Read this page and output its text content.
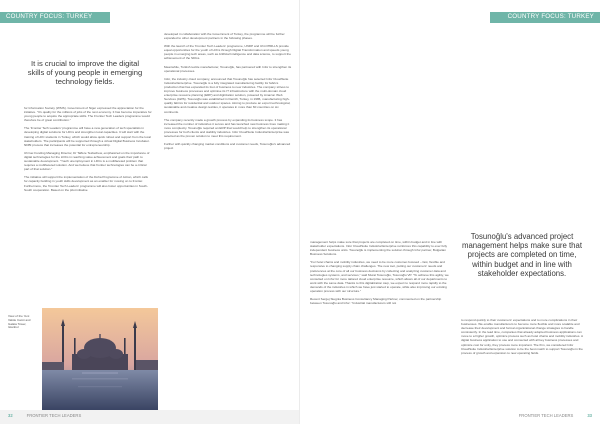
COUNTRY FOCUS: TURKEY
It is crucial to improve the digital skills of young people in emerging technology fields.

for Information Society (WSIS). Government of Niger expressed the appreciation for the initiative. "It's quality for the millions of jobs of the next economy. It has become imperative for young people to acquire the appropriate skills. The Frontier Tech Leaders programme would therefore be of great contribution."

The 'Frontier Tech Leaders' programme will have a new generation of tech specialists in developing digital solutions for LDCs and strengthen local capacities. It will start with the training of LDC students in Turkey, which would allow quick rollout and support from the local stakeholders. The participants will be supported through a virtual Digital Business Incubator. NDBI process that increases the potential for entrepreneurship.

UN tax Funding Managing Director, Dr Taffere Tesfachew, emphasized on the importance of digital technologies for the LDCs in reaching value achievement and goals their path to sustainable development. "Youth unemployment in LDCs is a multifaceted problem that requires a multifaceted solution. And we believe that frontier technologies can be a critical part of that solution."

The initiative will support the implementation of the Doha Programme of Action, which calls for capacity building in youth skills development as an enabler for moving on to frontier. Furthermore, the 'Frontier Tech Leaders' programme will also foster opportunities in South-South cooperation. Based on the pilot initiative

developed in collaboration with the Government of Turkey, the programme will be further expanded to other development partners in the following phases.

With the launch of the 'Frontier Tech Leaders' programme, UNDP and UN-OHRLLS provide equal opportunities for the youth of LDCs through Digital Transformation and speeds young people in emerging tech areas, such as Artificial Intelligence and data science, to support the achievement of the SDGs.

Meanwhile, Turkish textile manufacturer, Tosunoğlu, has partnered with Infor to strengthen its operational processes.

Infor, the industry cloud company, announced that Tosunoğlu has selected Infor CloudSuite Industrial Enterprise. Tosunoğlu is a fully integrated manufacturing facility for fabrics production that has expanded its foot of business to new industries. The company strives to improve business processes and optimise its IT infrastructure with the multi-domain cloud enterprise resource planning (ERP) and digitization solution, powered by Amazon Web Services (AWS). Tosunoğlu was established in Denizli, Turkey, in 1986, manufacturing high-quality fabrics for residential and outdoor spaces. Aiming to produce an export technological, sustainable and creative design textiles, it operates in more than 60 countries on six continents.

The company recently made a growth process by expanding its business scope. It has increased the number of industries it serves and has launched new business lines making it more complexity. Tosunoğlu required an ERP that would help to strengthen its operational processes for both clients and stability industries. Infor CloudSuite Industrial Enterprise was selected as the proven solution to meet this requirement.

Further with quickly changing market conditions and customer needs, Tosunoğlu's advanced project

View of the Yeni Valide Camii and Galata Tower, Istanbul
32	FRONTIER TECH LEADERS

management helps make sure that projects are completed on time, within budget and in line with stakeholder expectations. Infor CloudSuite Industrial Enterprise reinforces this capability to ever fully independent business units. Tosunoğlu is implementing the solution through Infor partner, Bulgarian Business Solutions.

"For hotel chains and mobility industries, we need to be more customer-focused – fast, flexible and responsive to changing supply chain challenges. The new tool, putting our customers' needs and preferences at the core of all our business decisions by collecting and analyzing customer data and technologies systems, and services," said Murat Tosunoğlu, Tosunoğlu VP. "To achieve this agility, we consulted on Infor for more tailored cloud enterprise resource, which allows all of our departments to work with the same data. Thanks to this digitalization step, we expect to respond more rapidly to the demands of the industries in which we have just started to operate, while also improving our existing operation process with our structure."

Recent Sergej Stegnia Business Consultancy Managing Partner, commented on the partnership between Tosunoğlu and Infor: "Industrial manufacturers still not

to respond quickly to their customers' expectations and to more complications in their businesses. We enable manufacturers to become more flexible and more scalable and decrease their development and formal organizational change strategies to handle consistently. In the lead time, companies that already adopted business applications can move to a higher growth, optimize process such as hotel chains and mobility industries. A digital business application to use and connected with all key business processes and optimize cost for unity, they process more important. The firm, we considered Infor CloudSuite Industrial Enterprise solution to be the best match to support Tosunoğlu in the process of growth and expansion to new operating fields.

FRONTIER TECH LEADERS	33
COUNTRY FOCUS: TURKEY
Tosunoğlu's advanced project management helps make sure that projects are completed on time, within budget and in line with stakeholder expectations.
